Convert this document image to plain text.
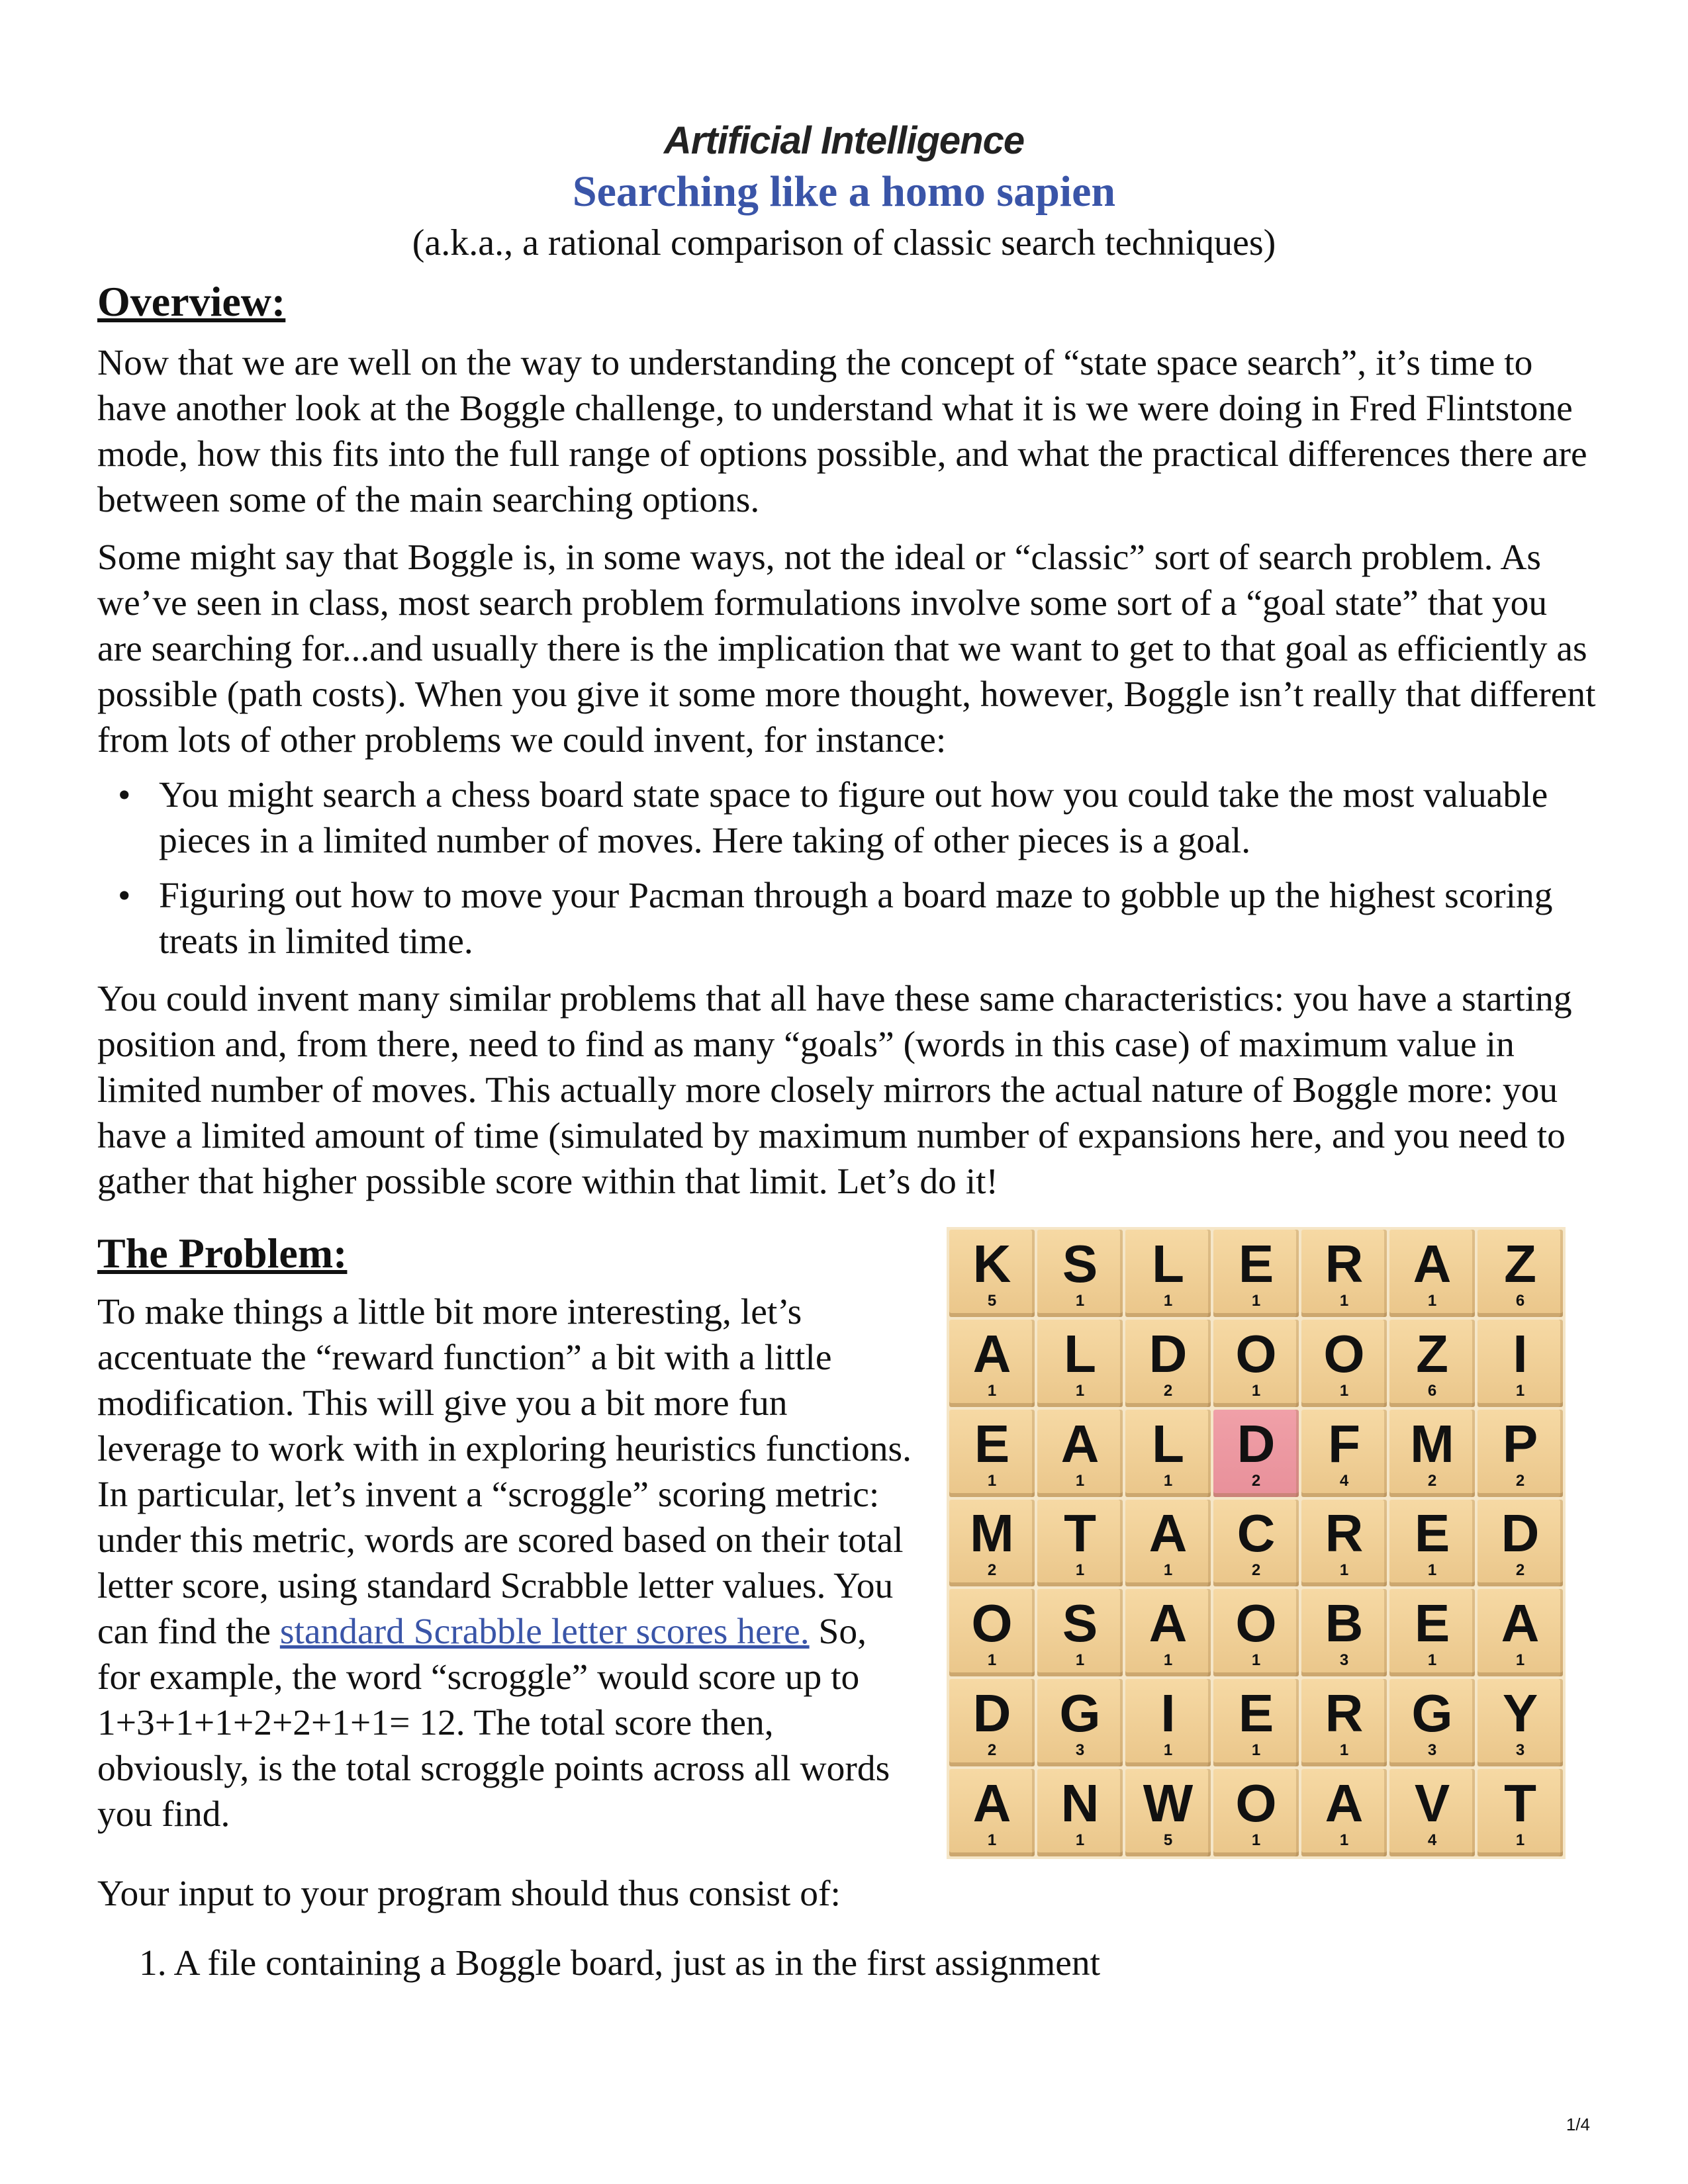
Artificial Intelligence
Searching like a homo sapien
(a.k.a., a rational comparison of classic search techniques)
Overview:
Now that we are well on the way to understanding the concept of “state space search”, it’s time to have another look at the Boggle challenge, to understand what it is we were doing in Fred Flintstone mode, how this fits into the full range of options possible, and what the practical differences there are between some of the main searching options.
Some might say that Boggle is, in some ways, not the ideal or “classic” sort of search problem. As we’ve seen in class, most search problem formulations involve some sort of a “goal state” that you are searching for...and usually there is the implication that we want to get to that goal as efficiently as possible (path costs). When you give it some more thought, however, Boggle isn’t really that different from lots of other problems we could invent, for instance:
• You might search a chess board state space to figure out how you could take the most valuable pieces in a limited number of moves. Here taking of other pieces is a goal.
• Figuring out how to move your Pacman through a board maze to gobble up the highest scoring treats in limited time.
You could invent many similar problems that all have these same characteristics: you have a starting position and, from there, need to find as many “goals” (words in this case) of maximum value in limited number of moves. This actually more closely mirrors the actual nature of Boggle more: you have a limited amount of time (simulated by maximum number of expansions here, and you need to gather that higher possible score within that limit. Let’s do it!
The Problem:
To make things a little bit more interesting, let’s accentuate the “reward function” a bit with a little modification. This will give you a bit more fun leverage to work with in exploring heuristics functions. In particular, let’s invent a “scroggle” scoring metric: under this metric, words are scored based on their total letter score, using standard Scrabble letter values. You can find the standard Scrabble letter scores here. So, for example, the word “scroggle” would score up to 1+3+1+1+2+2+1+1= 12. The total score then, obviously, is the total scroggle points across all words you find.
K
5
S
1
L
1
E
1
R
1
A
1
Z
6
A
1
L
1
D
2
O
1
O
1
Z
6
I
1
E
1
A
1
L
1
D
2
F
4
M
2
P
2
M
2
T
1
A
1
C
2
R
1
E
1
D
2
O
1
S
1
A
1
O
1
B
3
E
1
A
1
D
2
G
3
I
1
E
1
R
1
G
3
Y
3
A
1
N
1
W
5
O
1
A
1
V
4
T
1
Your input to your program should thus consist of:
1. A file containing a Boggle board, just as in the first assignment
1/4
